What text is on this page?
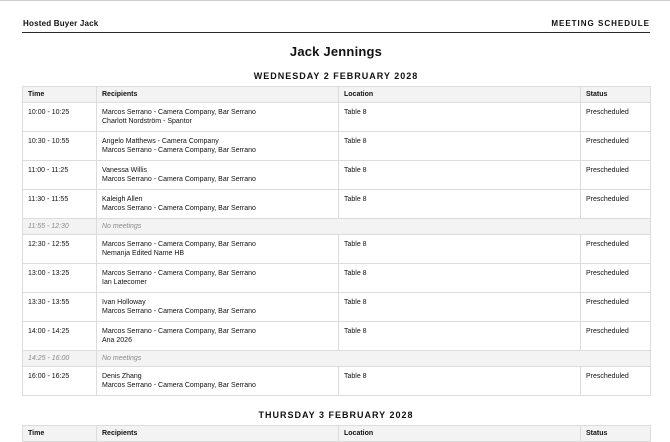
Hosted Buyer Jack	MEETING SCHEDULE
Jack Jennings
WEDNESDAY 2 FEBRUARY 2028
Time	Recipients	Location	Status
10:00 - 10:25	Marcos Serrano - Camera Company, Bar Serrano
Charlott Nordström - Spantor	Table 8	Prescheduled
10:30 - 10:55	Angelo Matthews - Camera Company
Marcos Serrano - Camera Company, Bar Serrano	Table 8	Prescheduled
11:00 - 11:25	Vanessa Willis
Marcos Serrano - Camera Company, Bar Serrano	Table 8	Prescheduled
11:30 - 11:55	Kaleigh Allen
Marcos Serrano - Camera Company, Bar Serrano	Table 8	Prescheduled
11:55 - 12:30	No meetings		
12:30 - 12:55	Marcos Serrano - Camera Company, Bar Serrano
Nemanja Edited Name HB	Table 8	Prescheduled
13:00 - 13:25	Marcos Serrano - Camera Company, Bar Serrano
Ian Latecomer	Table 8	Prescheduled
13:30 - 13:55	Ivan Holloway
Marcos Serrano - Camera Company, Bar Serrano	Table 8	Prescheduled
14:00 - 14:25	Marcos Serrano - Camera Company, Bar Serrano
Ana 2026	Table 8	Prescheduled
14:25 - 16:00	No meetings		
16:00 - 16:25	Denis Zhang
Marcos Serrano - Camera Company, Bar Serrano	Table 8	Prescheduled
THURSDAY 3 FEBRUARY 2028
Time	Recipients	Location	Status
